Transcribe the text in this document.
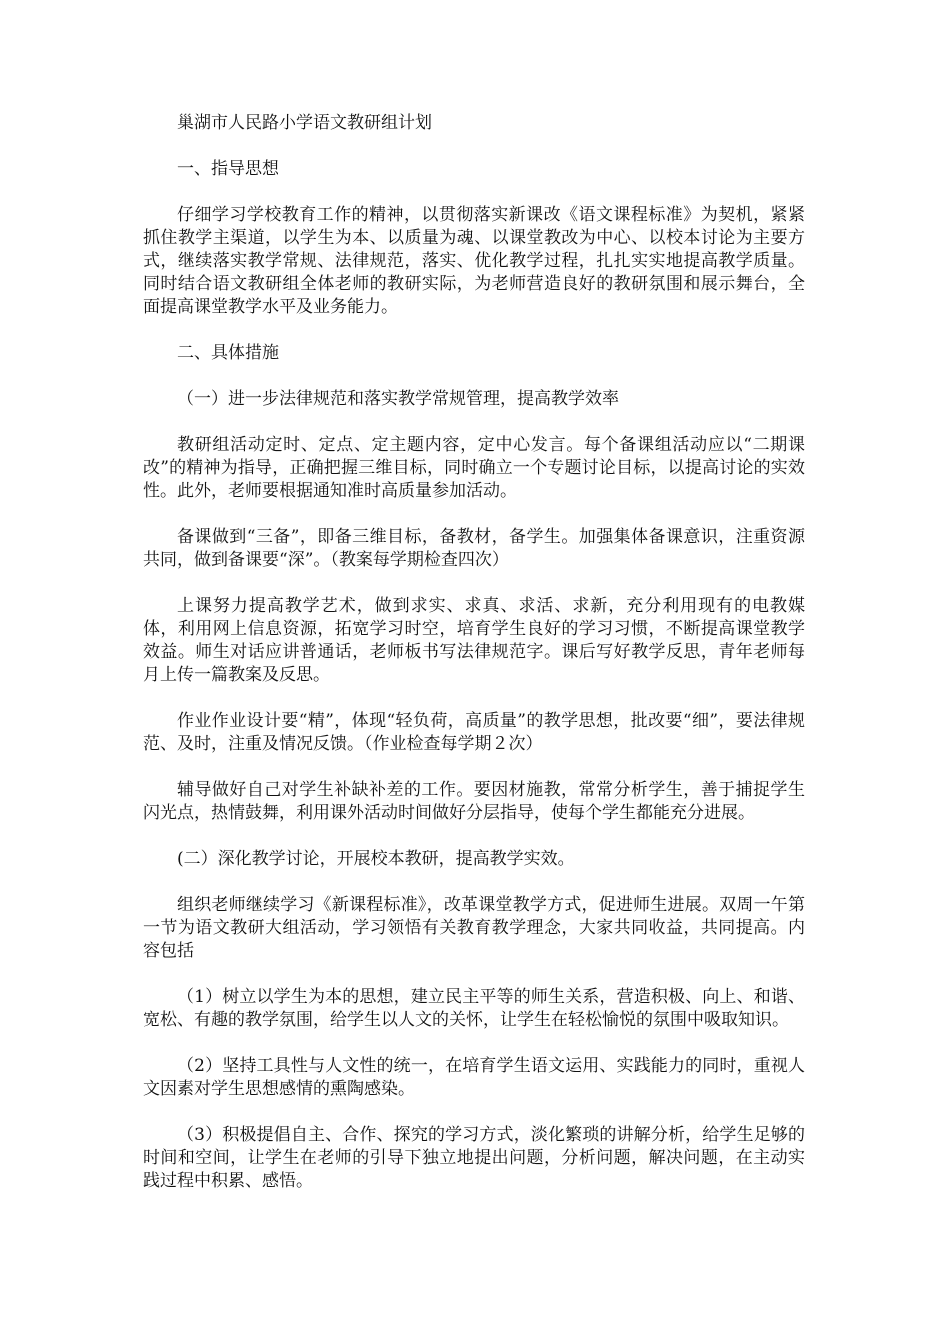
巢湖市人民路小学语文教研组计划

一、指导思想

仔细学习学校教育工作的精神，以贯彻落实新课改《语文课程标准》为契机，紧紧抓住教学主渠道，以学生为本、以质量为魂、以课堂教改为中心、以校本讨论为主要方式，继续落实教学常规、法律规范，落实、优化教学过程，扎扎实实地提高教学质量。同时结合语文教研组全体老师的教研实际，为老师营造良好的教研氛围和展示舞台，全面提高课堂教学水平及业务能力。

二、具体措施

（一）进一步法律规范和落实教学常规管理，提高教学效率

教研组活动定时、定点、定主题内容，定中心发言。每个备课组活动应以“二期课改”的精神为指导，正确把握三维目标，同时确立一个专题讨论目标，以提高讨论的实效性。此外，老师要根据通知准时高质量参加活动。

备课做到“三备”，即备三维目标，备教材，备学生。加强集体备课意识，注重资源共同，做到备课要“深”。（教案每学期检查四次）

上课努力提高教学艺术，做到求实、求真、求活、求新，充分利用现有的电教媒体，利用网上信息资源，拓宽学习时空，培育学生良好的学习习惯，不断提高课堂教学效益。师生对话应讲普通话，老师板书写法律规范字。课后写好教学反思，青年老师每月上传一篇教案及反思。

作业作业设计要“精”，体现“轻负荷，高质量”的教学思想，批改要“细”，要法律规范、及时，注重及情况反馈。（作业检查每学期２次）

辅导做好自己对学生补缺补差的工作。要因材施教，常常分析学生，善于捕捉学生闪光点，热情鼓舞，利用课外活动时间做好分层指导，使每个学生都能充分进展。

(二）深化教学讨论，开展校本教研，提高教学实效。

组织老师继续学习《新课程标准》，改革课堂教学方式，促进师生进展。双周一午第一节为语文教研大组活动，学习领悟有关教育教学理念，大家共同收益，共同提高。内容包括

（1）树立以学生为本的思想，建立民主平等的师生关系，营造积极、向上、和谐、宽松、有趣的教学氛围，给学生以人文的关怀，让学生在轻松愉悦的氛围中吸取知识。

（2）坚持工具性与人文性的统一，在培育学生语文运用、实践能力的同时，重视人文因素对学生思想感情的熏陶感染。

（3）积极提倡自主、合作、探究的学习方式，淡化繁琐的讲解分析，给学生足够的时间和空间，让学生在老师的引导下独立地提出问题，分析问题，解决问题，在主动实践过程中积累、感悟。
